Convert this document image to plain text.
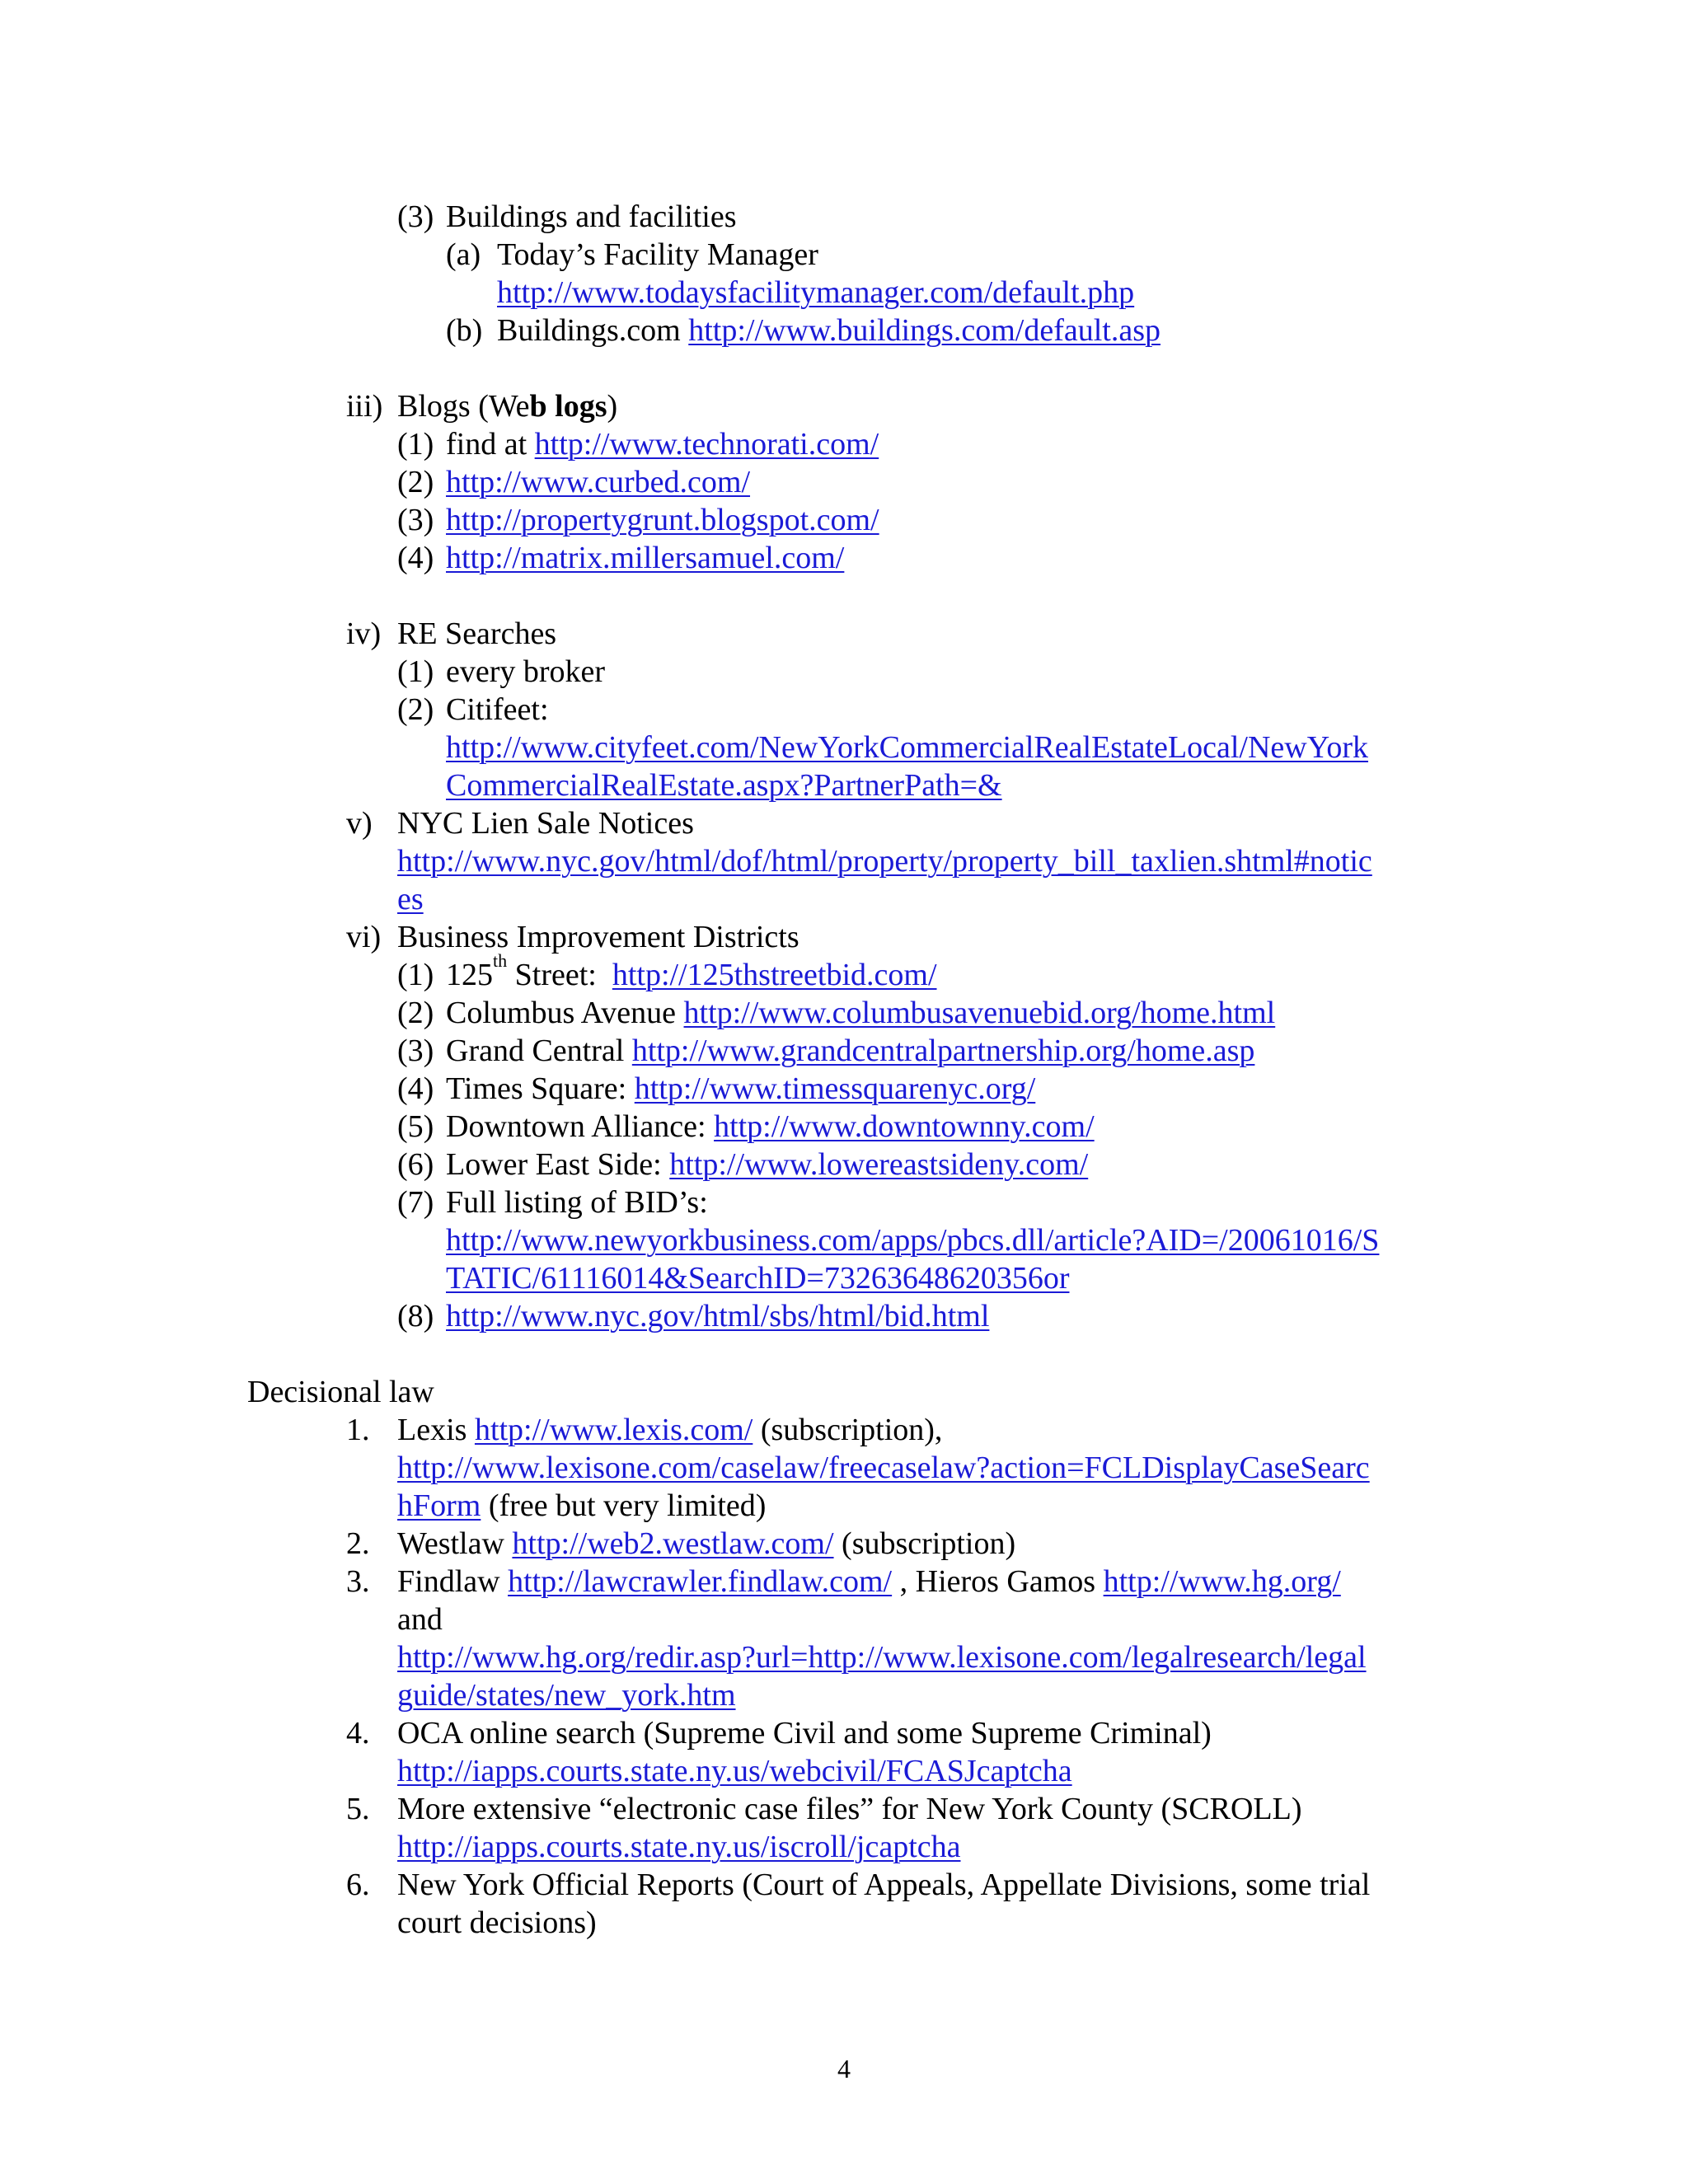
(3) Buildings and facilities
(a) Today’s Facility Manager
http://www.todaysfacilitymanager.com/default.php
(b) Buildings.com http://www.buildings.com/default.asp
iii) Blogs (Web logs)
(1) find at http://www.technorati.com/
(2) http://www.curbed.com/
(3) http://propertygrunt.blogspot.com/
(4) http://matrix.millersamuel.com/
iv) RE Searches
(1) every broker
(2) Citifeet:
http://www.cityfeet.com/NewYorkCommercialRealEstateLocal/NewYork
CommercialRealEstate.aspx?PartnerPath=&
v) NYC Lien Sale Notices
http://www.nyc.gov/html/dof/html/property/property_bill_taxlien.shtml#notic
es
vi) Business Improvement Districts
(1) 125th Street: http://125thstreetbid.com/
(2) Columbus Avenue http://www.columbusavenuebid.org/home.html
(3) Grand Central http://www.grandcentralpartnership.org/home.asp
(4) Times Square: http://www.timessquarenyc.org/
(5) Downtown Alliance: http://www.downtownny.com/
(6) Lower East Side: http://www.lowereastsideny.com/
(7) Full listing of BID’s:
http://www.newyorkbusiness.com/apps/pbcs.dll/article?AID=/20061016/S
TATIC/61116014&SearchID=73263648620356or
(8) http://www.nyc.gov/html/sbs/html/bid.html
Decisional law
1. Lexis http://www.lexis.com/ (subscription),
http://www.lexisone.com/caselaw/freecaselaw?action=FCLDisplayCaseSearc
hForm (free but very limited)
2. Westlaw http://web2.westlaw.com/ (subscription)
3. Findlaw http://lawcrawler.findlaw.com/ , Hieros Gamos http://www.hg.org/
and
http://www.hg.org/redir.asp?url=http://www.lexisone.com/legalresearch/legal
guide/states/new_york.htm
4. OCA online search (Supreme Civil and some Supreme Criminal)
http://iapps.courts.state.ny.us/webcivil/FCASJcaptcha
5. More extensive “electronic case files” for New York County (SCROLL)
http://iapps.courts.state.ny.us/iscroll/jcaptcha
6. New York Official Reports (Court of Appeals, Appellate Divisions, some trial
court decisions)
4
